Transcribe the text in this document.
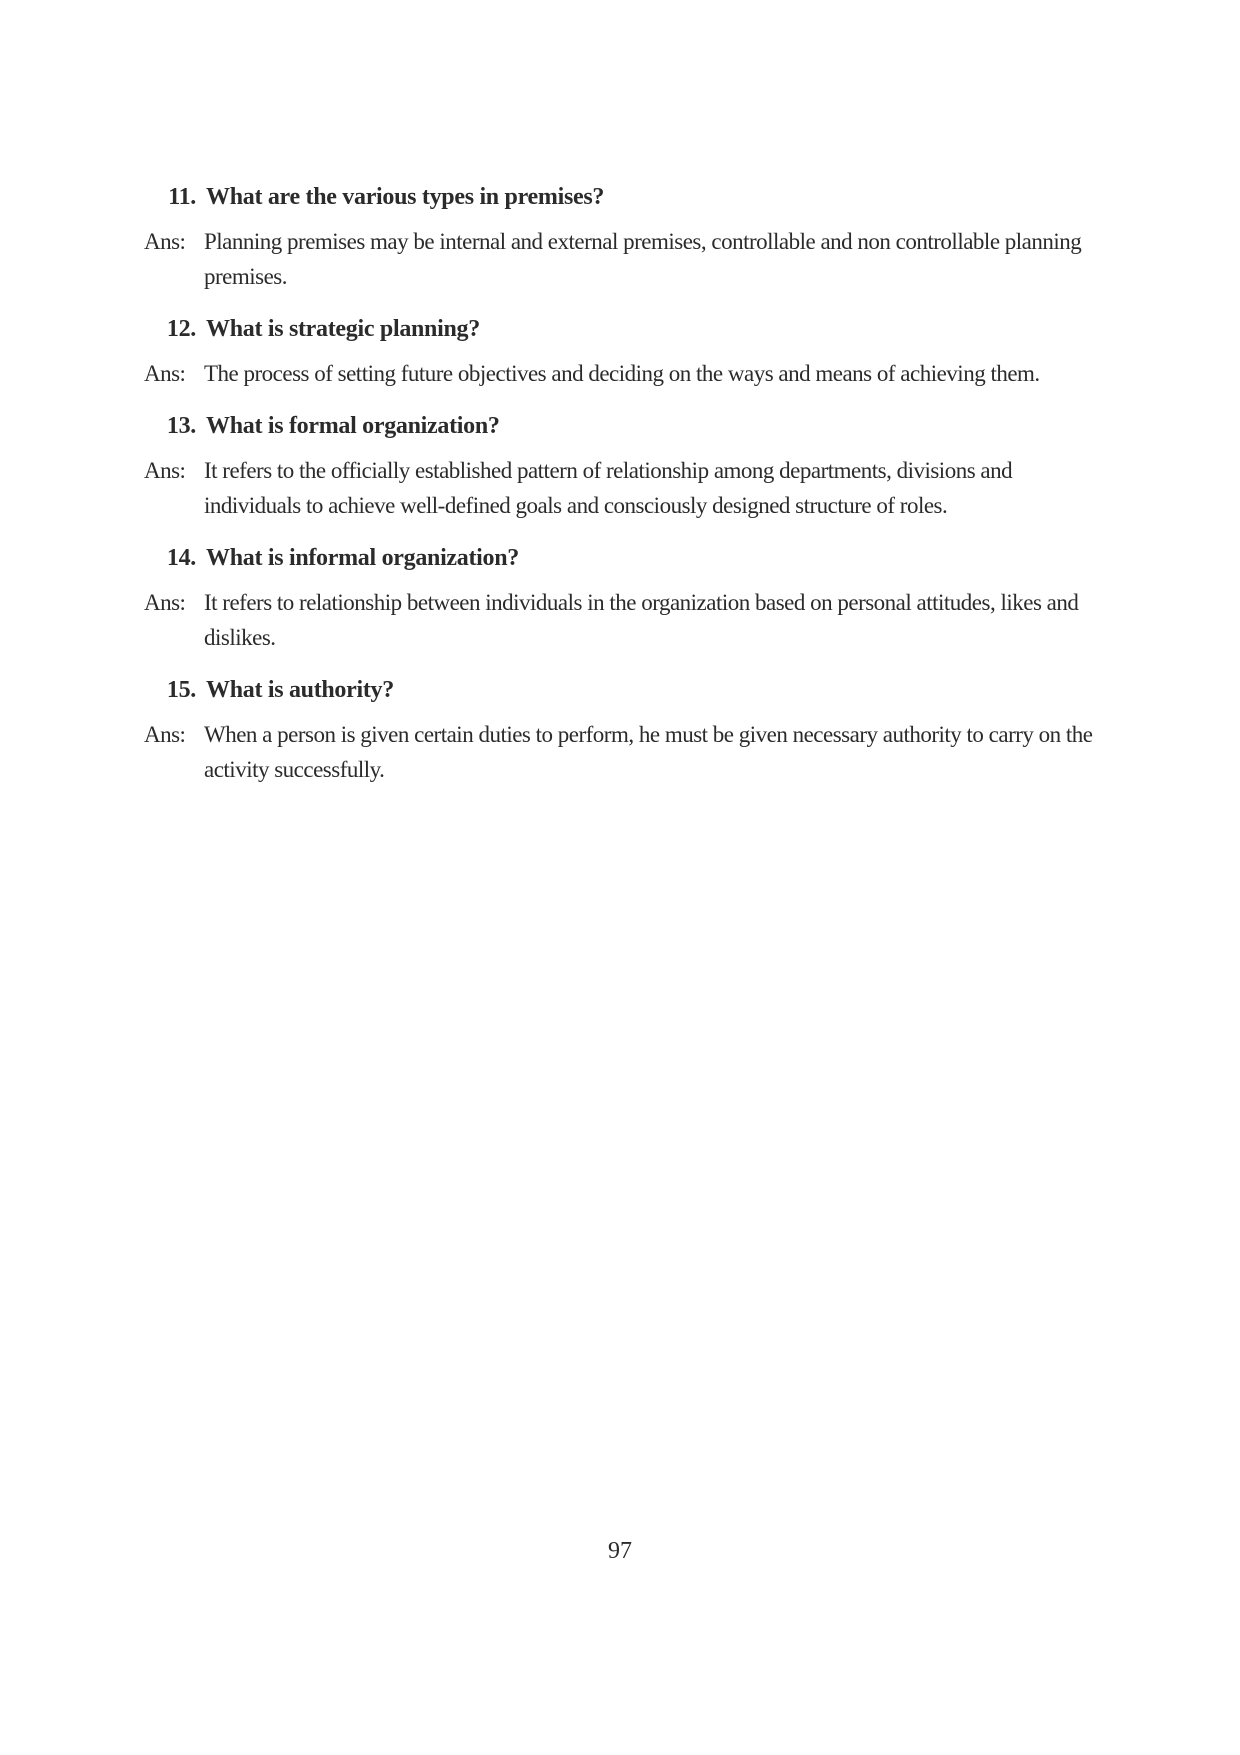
11. What are the various types in premises?
Ans: Planning premises may be internal and external premises, controllable and non controllable planning premises.
12. What is strategic planning?
Ans: The process of setting future objectives and deciding on the ways and means of achieving them.
13. What is formal organization?
Ans: It refers to the officially established pattern of relationship among departments, divisions and individuals to achieve well-defined goals and consciously designed structure of roles.
14. What is informal organization?
Ans: It refers to relationship between individuals in the organization based on personal attitudes, likes and dislikes.
15. What is authority?
Ans: When a person is given certain duties to perform, he must be given necessary authority to carry on the activity successfully.
97
